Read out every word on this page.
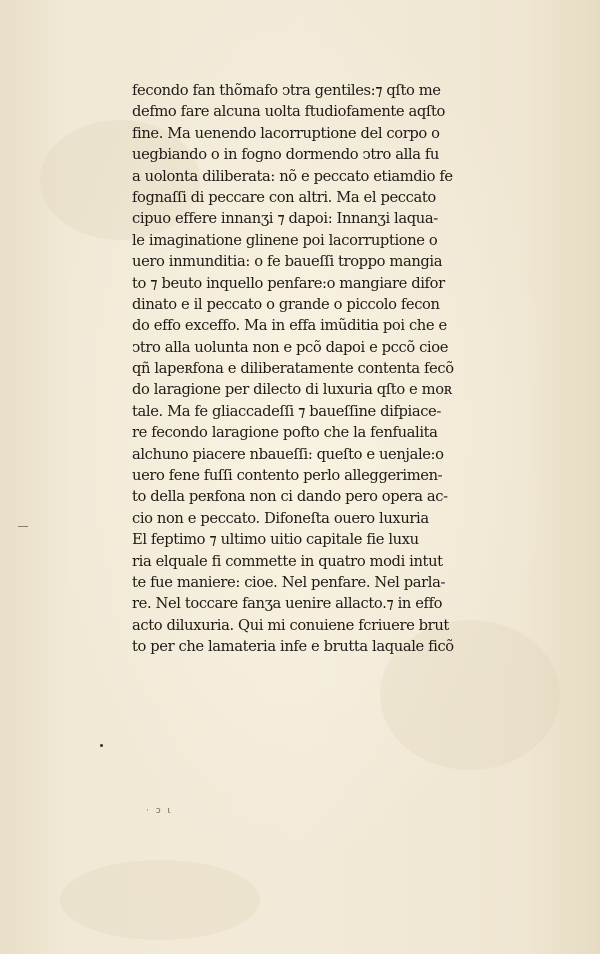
fecondo fan thõmafo ↄtra gentiles:⁊ qſto me
defmo fare alcuna uolta ftudiofamente aqſto
fine. Ma uenendo lacorruptione del corpo o
uegbiando o in fogno dormendo ↄtro alla fu
a uolonta diliberata: nõ e peccato etiamdio fe
fognaſſi di peccare con altri. Ma el peccato
cipuo effere innanʒi ⁊ dapoi: Innanʒi laqua-
le imaginatione glinene poi lacorruptione o
uero inmunditia: o fe baueſſi troppo mangia
to ⁊ beuto inquello penfare:o mangiare difor
dinato e il peccato o grande o piccolo fecon
do effo exceffo. Ma in effa imũditia poi che e
ↄtro alla uolunta non e pcõ dapoi e pccõ cioe
qñ lapeʀfona e diliberatamente contenta fecõ
do laragione per dilecto di luxuria qſto e moʀ
tale. Ma fe gliaccadeſſi ⁊ baueſſine difpiace-
re fecondo laragione pofto che la fenfualita
alchuno piacere nbaueſſi: queſto e uenjale:o
uero fene fuſſi contento perlo alleggerimen-
to della peʀfona non ci dando pero opera ac-
cio non e peccato. Difoneſta ouero luxuria
El feptimo ⁊ ultimo uitio capitale fie luxu
ria elquale fi commette in quatro modi intut
te fue maniere: cioe. Nel penfare. Nel parla-
re. Nel toccare fanʒa uenire allacto.⁊ in effo
acto diluxuria. Qui mi conuiene fcriuere brut
to per che lamateria infe e brutta laquale ficõ
· ↄ ɩ
